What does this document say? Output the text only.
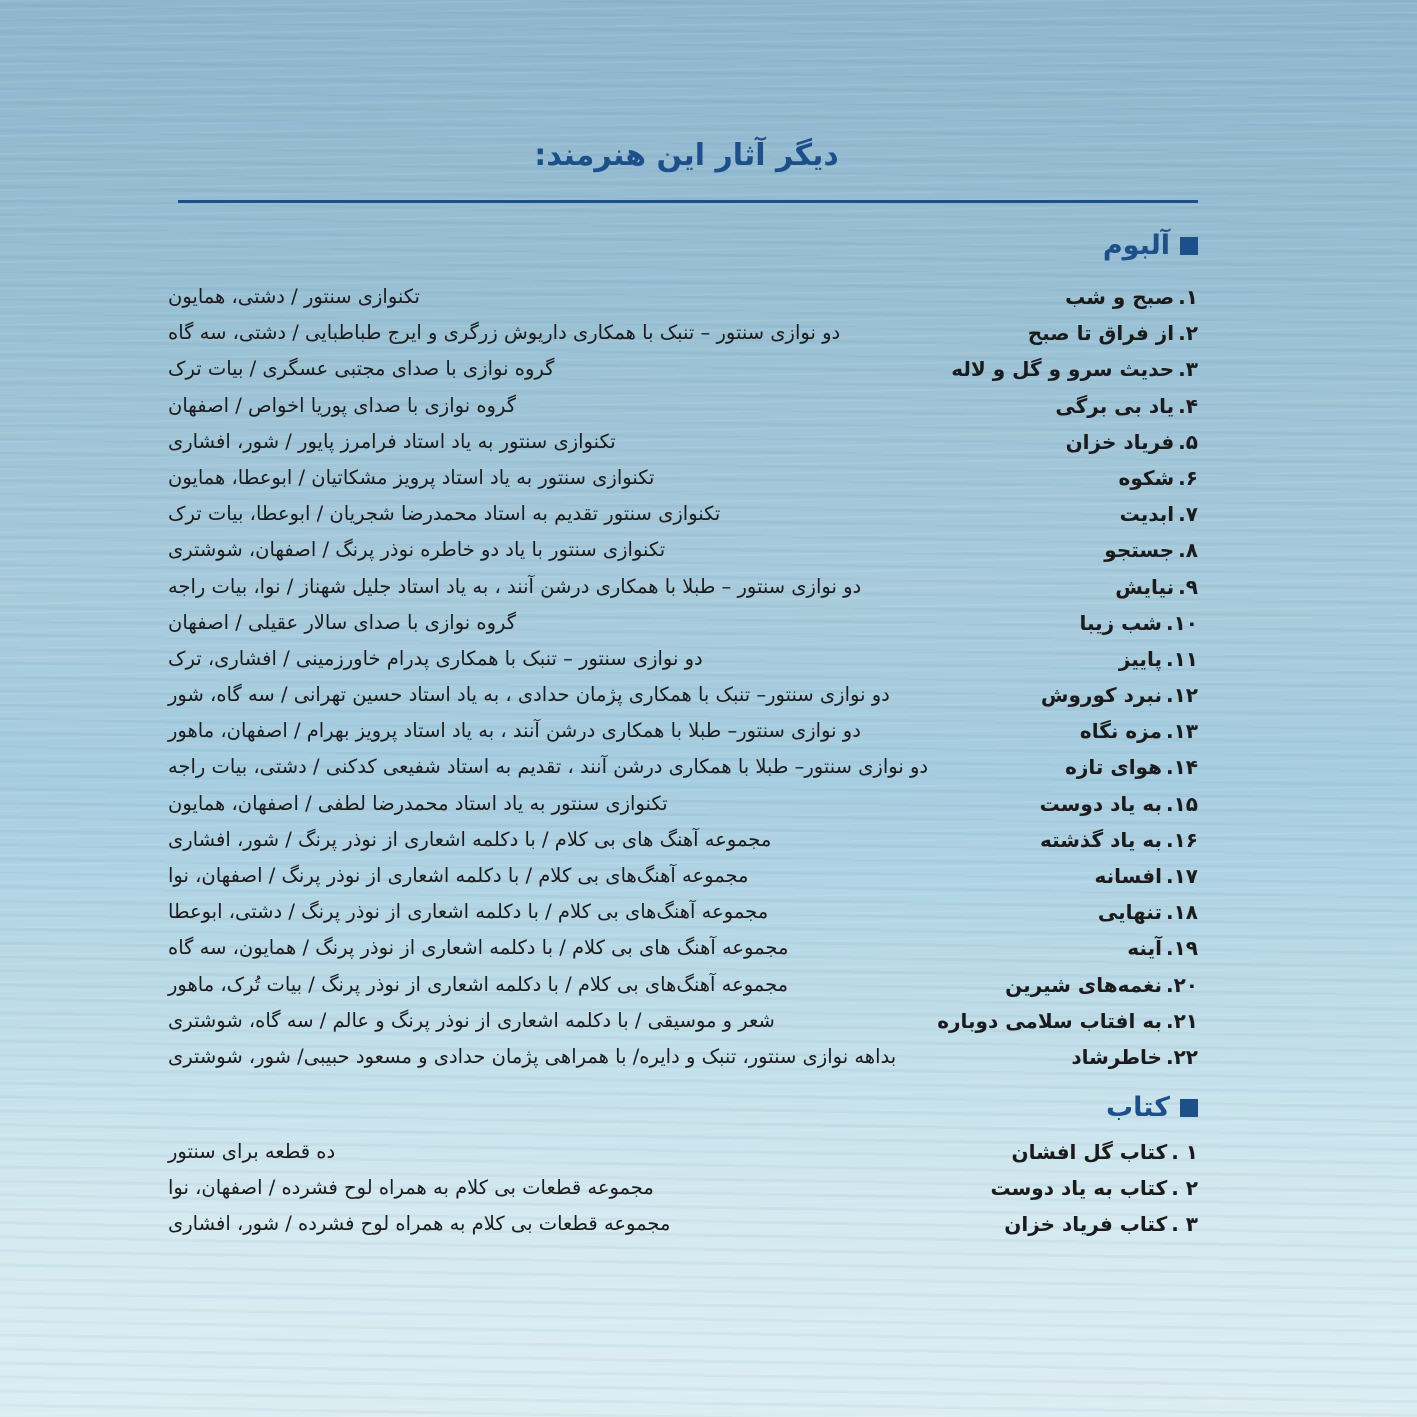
دیگر آثار این هنرمند:
آلبوم
۱.صبح و شب
تکنوازی سنتور / دشتی، همایون
۲.از فراق تا صبح
دو نوازی سنتور – تنبک با همکاری داریوش زرگری و ایرج طباطبایی / دشتی، سه گاه
۳.حدیث سرو و گل و لاله
گروه نوازی با صدای مجتبی عسگری / بیات ترک
۴.یاد بی برگی
گروه نوازی با صدای پوریا اخواص / اصفهان
۵.فریاد خزان
تکنوازی سنتور به یاد استاد فرامرز پایور / شور، افشاری
۶.شکوه
تکنوازی سنتور به یاد استاد پرویز مشکاتیان / ابوعطا، همایون
۷.ابدیت
تکنوازی سنتور تقدیم به استاد محمدرضا شجریان / ابوعطا، بیات ترک
۸.جستجو
تکنوازی سنتور با یاد دو خاطره نوذر پرنگ / اصفهان، شوشتری
۹.نیایش
دو نوازی سنتور – طبلا با همکاری درشن آنند ، به یاد استاد جلیل شهناز / نوا، بیات راجه
۱۰.شب زیبا
گروه نوازی با صدای سالار عقیلی / اصفهان
۱۱.پاییز
دو نوازی سنتور – تنبک با همکاری پدرام خاورزمینی / افشاری، ترک
۱۲.نبرد کوروش
دو نوازی سنتور– تنبک با همکاری پژمان حدادی ، به یاد استاد حسین تهرانی / سه گاه، شور
۱۳.مزه نگاه
دو نوازی سنتور– طبلا با همکاری درشن آنند ، به یاد استاد پرویز بهرام / اصفهان، ماهور
۱۴.هوای تازه
دو نوازی سنتور– طبلا با همکاری درشن آنند ، تقدیم به استاد شفیعی کدکنی / دشتی، بیات راجه
۱۵.به یاد دوست
تکنوازی سنتور به یاد استاد محمدرضا لطفی / اصفهان، همایون
۱۶.به یاد گذشته
مجموعه آهنگ های بی کلام / با دکلمه اشعاری از نوذر پرنگ / شور، افشاری
۱۷.افسانه
مجموعه آهنگ‌های بی کلام / با دکلمه اشعاری از نوذر پرنگ / اصفهان، نوا
۱۸.تنهایی
مجموعه آهنگ‌های بی کلام / با دکلمه اشعاری از نوذر پرنگ / دشتی، ابوعطا
۱۹.آینه
مجموعه آهنگ های بی کلام / با دکلمه اشعاری از نوذر پرنگ / همایون، سه گاه
۲۰.نغمه‌های شیرین
مجموعه آهنگ‌های بی کلام / با دکلمه اشعاری از نوذر پرنگ / بیات تُرک، ماهور
۲۱.به افتاب سلامی دوباره
شعر و موسیقی / با دکلمه اشعاری از نوذر پرنگ و عالم / سه گاه، شوشتری
۲۲.خاطرشاد
بداهه نوازی سنتور، تنبک و دایره/ با همراهی پژمان حدادی و مسعود حبیبی/ شور، شوشتری
کتاب
۱ .کتاب گل افشان
ده قطعه برای سنتور
۲ .کتاب به یاد دوست
مجموعه قطعات بی کلام به همراه لوح فشرده / اصفهان، نوا
۳ .کتاب فریاد خزان
مجموعه قطعات بی کلام به همراه لوح فشرده / شور، افشاری
